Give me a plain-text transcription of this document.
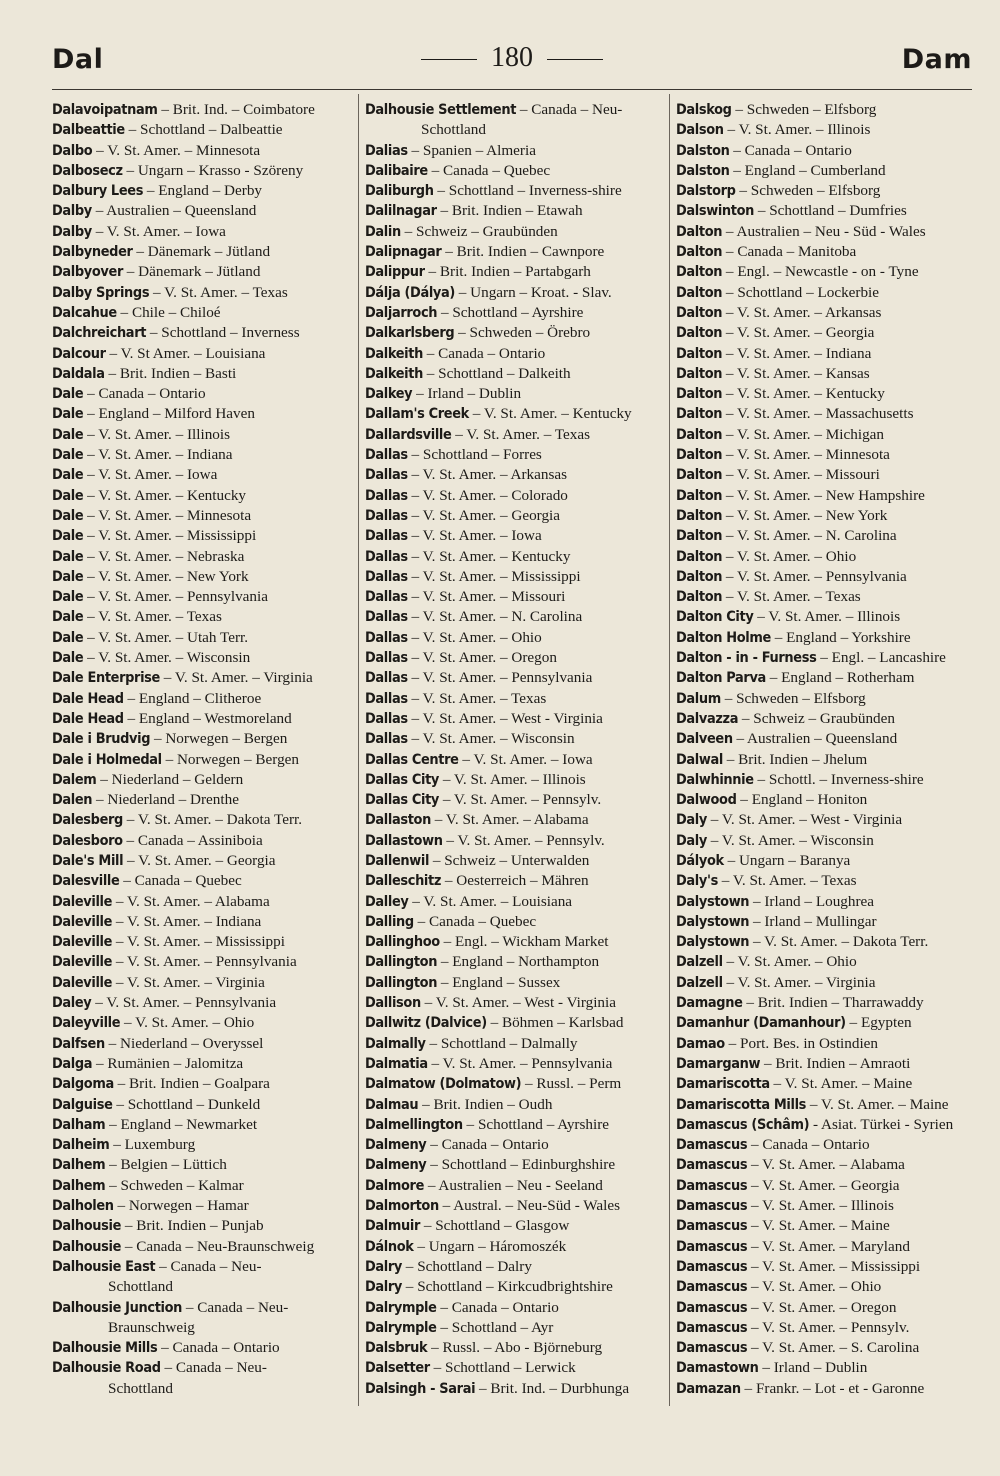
Dal	180	Dam
Dalavoipatnam – Brit. Ind. – Coimbatore
Dalbeattie – Schottland – Dalbeattie
Dalbo – V. St. Amer. – Minnesota
Dalbosecz – Ungarn – Krasso - Szöreny
Dalbury Lees – England – Derby
Dalby – Australien – Queensland
Dalby – V. St. Amer. – Iowa
Dalbyneder – Dänemark – Jütland
Dalbyover – Dänemark – Jütland
Dalby Springs – V. St. Amer. – Texas
Dalcahue – Chile – Chiloé
Dalchreichart – Schottland – Inverness
Dalcour – V. St Amer. – Louisiana
Daldala – Brit. Indien – Basti
Dale – Canada – Ontario
Dale – England – Milford Haven
Dale – V. St. Amer. – Illinois
Dale – V. St. Amer. – Indiana
Dale – V. St. Amer. – Iowa
Dale – V. St. Amer. – Kentucky
Dale – V. St. Amer. – Minnesota
Dale – V. St. Amer. – Mississippi
Dale – V. St. Amer. – Nebraska
Dale – V. St. Amer. – New York
Dale – V. St. Amer. – Pennsylvania
Dale – V. St. Amer. – Texas
Dale – V. St. Amer. – Utah Terr.
Dale – V. St. Amer. – Wisconsin
Dale Enterprise – V. St. Amer. – Virginia
Dale Head – England – Clitheroe
Dale Head – England – Westmoreland
Dale i Brudvig – Norwegen – Bergen
Dale i Holmedal – Norwegen – Bergen
Dalem – Niederland – Geldern
Dalen – Niederland – Drenthe
Dalesberg – V. St. Amer. – Dakota Terr.
Dalesboro – Canada – Assiniboia
Dale's Mill – V. St. Amer. – Georgia
Dalesville – Canada – Quebec
Daleville – V. St. Amer. – Alabama
Daleville – V. St. Amer. – Indiana
Daleville – V. St. Amer. – Mississippi
Daleville – V. St. Amer. – Pennsylvania
Daleville – V. St. Amer. – Virginia
Daley – V. St. Amer. – Pennsylvania
Daleyville – V. St. Amer. – Ohio
Dalfsen – Niederland – Overyssel
Dalga – Rumänien – Jalomitza
Dalgoma – Brit. Indien – Goalpara
Dalguise – Schottland – Dunkeld
Dalham – England – Newmarket
Dalheim – Luxemburg
Dalhem – Belgien – Lüttich
Dalhem – Schweden – Kalmar
Dalholen – Norwegen – Hamar
Dalhousie – Brit. Indien – Punjab
Dalhousie – Canada – Neu-Braunschweig
Dalhousie East – Canada – Neu-
Schottland
Dalhousie Junction – Canada – Neu-
Braunschweig
Dalhousie Mills – Canada – Ontario
Dalhousie Road – Canada – Neu-
Schottland
Dalhousie Settlement – Canada – Neu-
Schottland
Dalias – Spanien – Almeria
Dalibaire – Canada – Quebec
Daliburgh – Schottland – Inverness-shire
Dalilnagar – Brit. Indien – Etawah
Dalin – Schweiz – Graubünden
Dalipnagar – Brit. Indien – Cawnpore
Dalippur – Brit. Indien – Partabgarh
Dálja (Dálya) – Ungarn – Kroat. - Slav.
Daljarroch – Schottland – Ayrshire
Dalkarlsberg – Schweden – Örebro
Dalkeith – Canada – Ontario
Dalkeith – Schottland – Dalkeith
Dalkey – Irland – Dublin
Dallam's Creek – V. St. Amer. – Kentucky
Dallardsville – V. St. Amer. – Texas
Dallas – Schottland – Forres
Dallas – V. St. Amer. – Arkansas
Dallas – V. St. Amer. – Colorado
Dallas – V. St. Amer. – Georgia
Dallas – V. St. Amer. – Iowa
Dallas – V. St. Amer. – Kentucky
Dallas – V. St. Amer. – Mississippi
Dallas – V. St. Amer. – Missouri
Dallas – V. St. Amer. – N. Carolina
Dallas – V. St. Amer. – Ohio
Dallas – V. St. Amer. – Oregon
Dallas – V. St. Amer. – Pennsylvania
Dallas – V. St. Amer. – Texas
Dallas – V. St. Amer. – West - Virginia
Dallas – V. St. Amer. – Wisconsin
Dallas Centre – V. St. Amer. – Iowa
Dallas City – V. St. Amer. – Illinois
Dallas City – V. St. Amer. – Pennsylv.
Dallaston – V. St. Amer. – Alabama
Dallastown – V. St. Amer. – Pennsylv.
Dallenwil – Schweiz – Unterwalden
Dalleschitz – Oesterreich – Mähren
Dalley – V. St. Amer. – Louisiana
Dalling – Canada – Quebec
Dallinghoo – Engl. – Wickham Market
Dallington – England – Northampton
Dallington – England – Sussex
Dallison – V. St. Amer. – West - Virginia
Dallwitz (Dalvice) – Böhmen – Karlsbad
Dalmally – Schottland – Dalmally
Dalmatia – V. St. Amer. – Pennsylvania
Dalmatow (Dolmatow) – Russl. – Perm
Dalmau – Brit. Indien – Oudh
Dalmellington – Schottland – Ayrshire
Dalmeny – Canada – Ontario
Dalmeny – Schottland – Edinburghshire
Dalmore – Australien – Neu - Seeland
Dalmorton – Austral. – Neu-Süd - Wales
Dalmuir – Schottland – Glasgow
Dálnok – Ungarn – Háromoszék
Dalry – Schottland – Dalry
Dalry – Schottland – Kirkcudbrightshire
Dalrymple – Canada – Ontario
Dalrymple – Schottland – Ayr
Dalsbruk – Russl. – Abo - Björneburg
Dalsetter – Schottland – Lerwick
Dalsingh - Sarai – Brit. Ind. – Durbhunga
Dalskog – Schweden – Elfsborg
Dalson – V. St. Amer. – Illinois
Dalston – Canada – Ontario
Dalston – England – Cumberland
Dalstorp – Schweden – Elfsborg
Dalswinton – Schottland – Dumfries
Dalton – Australien – Neu - Süd - Wales
Dalton – Canada – Manitoba
Dalton – Engl. – Newcastle - on - Tyne
Dalton – Schottland – Lockerbie
Dalton – V. St. Amer. – Arkansas
Dalton – V. St. Amer. – Georgia
Dalton – V. St. Amer. – Indiana
Dalton – V. St. Amer. – Kansas
Dalton – V. St. Amer. – Kentucky
Dalton – V. St. Amer. – Massachusetts
Dalton – V. St. Amer. – Michigan
Dalton – V. St. Amer. – Minnesota
Dalton – V. St. Amer. – Missouri
Dalton – V. St. Amer. – New Hampshire
Dalton – V. St. Amer. – New York
Dalton – V. St. Amer. – N. Carolina
Dalton – V. St. Amer. – Ohio
Dalton – V. St. Amer. – Pennsylvania
Dalton – V. St. Amer. – Texas
Dalton City – V. St. Amer. – Illinois
Dalton Holme – England – Yorkshire
Dalton - in - Furness – Engl. – Lancashire
Dalton Parva – England – Rotherham
Dalum – Schweden – Elfsborg
Dalvazza – Schweiz – Graubünden
Dalveen – Australien – Queensland
Dalwal – Brit. Indien – Jhelum
Dalwhinnie – Schottl. – Inverness-shire
Dalwood – England – Honiton
Daly – V. St. Amer. – West - Virginia
Daly – V. St. Amer. – Wisconsin
Dályok – Ungarn – Baranya
Daly's – V. St. Amer. – Texas
Dalystown – Irland – Loughrea
Dalystown – Irland – Mullingar
Dalystown – V. St. Amer. – Dakota Terr.
Dalzell – V. St. Amer. – Ohio
Dalzell – V. St. Amer. – Virginia
Damagne – Brit. Indien – Tharrawaddy
Damanhur (Damanhour) – Egypten
Damao – Port. Bes. in Ostindien
Damarganw – Brit. Indien – Amraoti
Damariscotta – V. St. Amer. – Maine
Damariscotta Mills – V. St. Amer. – Maine
Damascus (Schâm) - Asiat. Türkei - Syrien
Damascus – Canada – Ontario
Damascus – V. St. Amer. – Alabama
Damascus – V. St. Amer. – Georgia
Damascus – V. St. Amer. – Illinois
Damascus – V. St. Amer. – Maine
Damascus – V. St. Amer. – Maryland
Damascus – V. St. Amer. – Mississippi
Damascus – V. St. Amer. – Ohio
Damascus – V. St. Amer. – Oregon
Damascus – V. St. Amer. – Pennsylv.
Damascus – V. St. Amer. – S. Carolina
Damastown – Irland – Dublin
Damazan – Frankr. – Lot - et - Garonne
